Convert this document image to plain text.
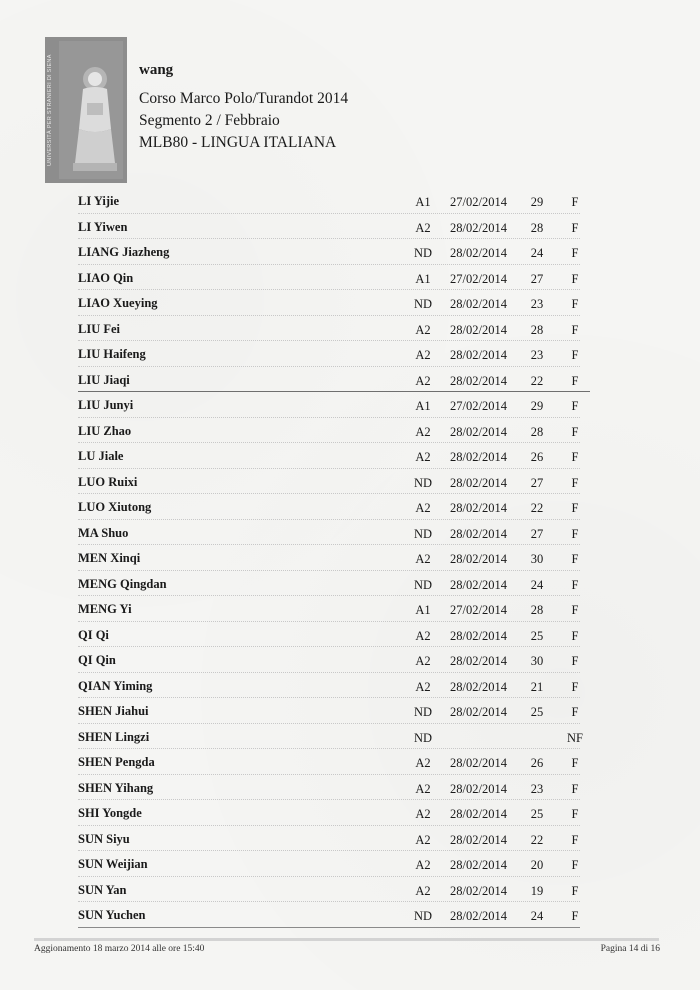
UNIVERSITÀ PER STRANIERI DI SIENA	wang
Corso Marco Polo/Turandot 2014
Segmento 2 / Febbraio
MLB80 - LINGUA ITALIANA
LI Yijie	A1	27/02/2014 29	F
LI Yiwen	A2	28/02/2014 28	F
LIANG Jiazheng	ND 28/02/2014 24	F
LIAO Qin	A1	27/02/2014 27	F
LIAO Xueying	ND 28/02/2014 23	F
LIU Fei	A2	28/02/2014 28	F
LIU Haifeng	A2	28/02/2014 23	F
LIU Jiaqi	A2	28/02/2014 22	F
LIU Junyi	A1	27/02/2014 29	F
LIU Zhao	A2	28/02/2014 28	F
LU Jiale	A2	28/02/2014 26	F
LUO Ruixi	ND 28/02/2014 27	F
LUO Xiutong	A2	28/02/2014 22	F
MA Shuo	ND 28/02/2014 27	F
MEN Xinqi	A2	28/02/2014 30	F
MENG Qingdan	ND 28/02/2014 24	F
MENG Yi	A1	27/02/2014 28	F
QI Qi	A2	28/02/2014 25	F
QI Qin	A2	28/02/2014 30	F
QIAN Yiming	A2	28/02/2014 21	F
SHEN Jiahui	ND 28/02/2014 25	F
SHEN Lingzi	ND	NF
SHEN Pengda	A2	28/02/2014 26	F
SHEN Yihang	A2	28/02/2014 23	F
SHI Yongde	A2	28/02/2014 25	F
SUN Siyu	A2	28/02/2014 22	F
SUN Weijian	A2	28/02/2014 20	F
SUN Yan	A2	28/02/2014 19	F
SUN Yuchen	ND 28/02/2014 24	F
Aggionamento 18 marzo 2014 alle ore 15:40	Pagina 14 di 16
